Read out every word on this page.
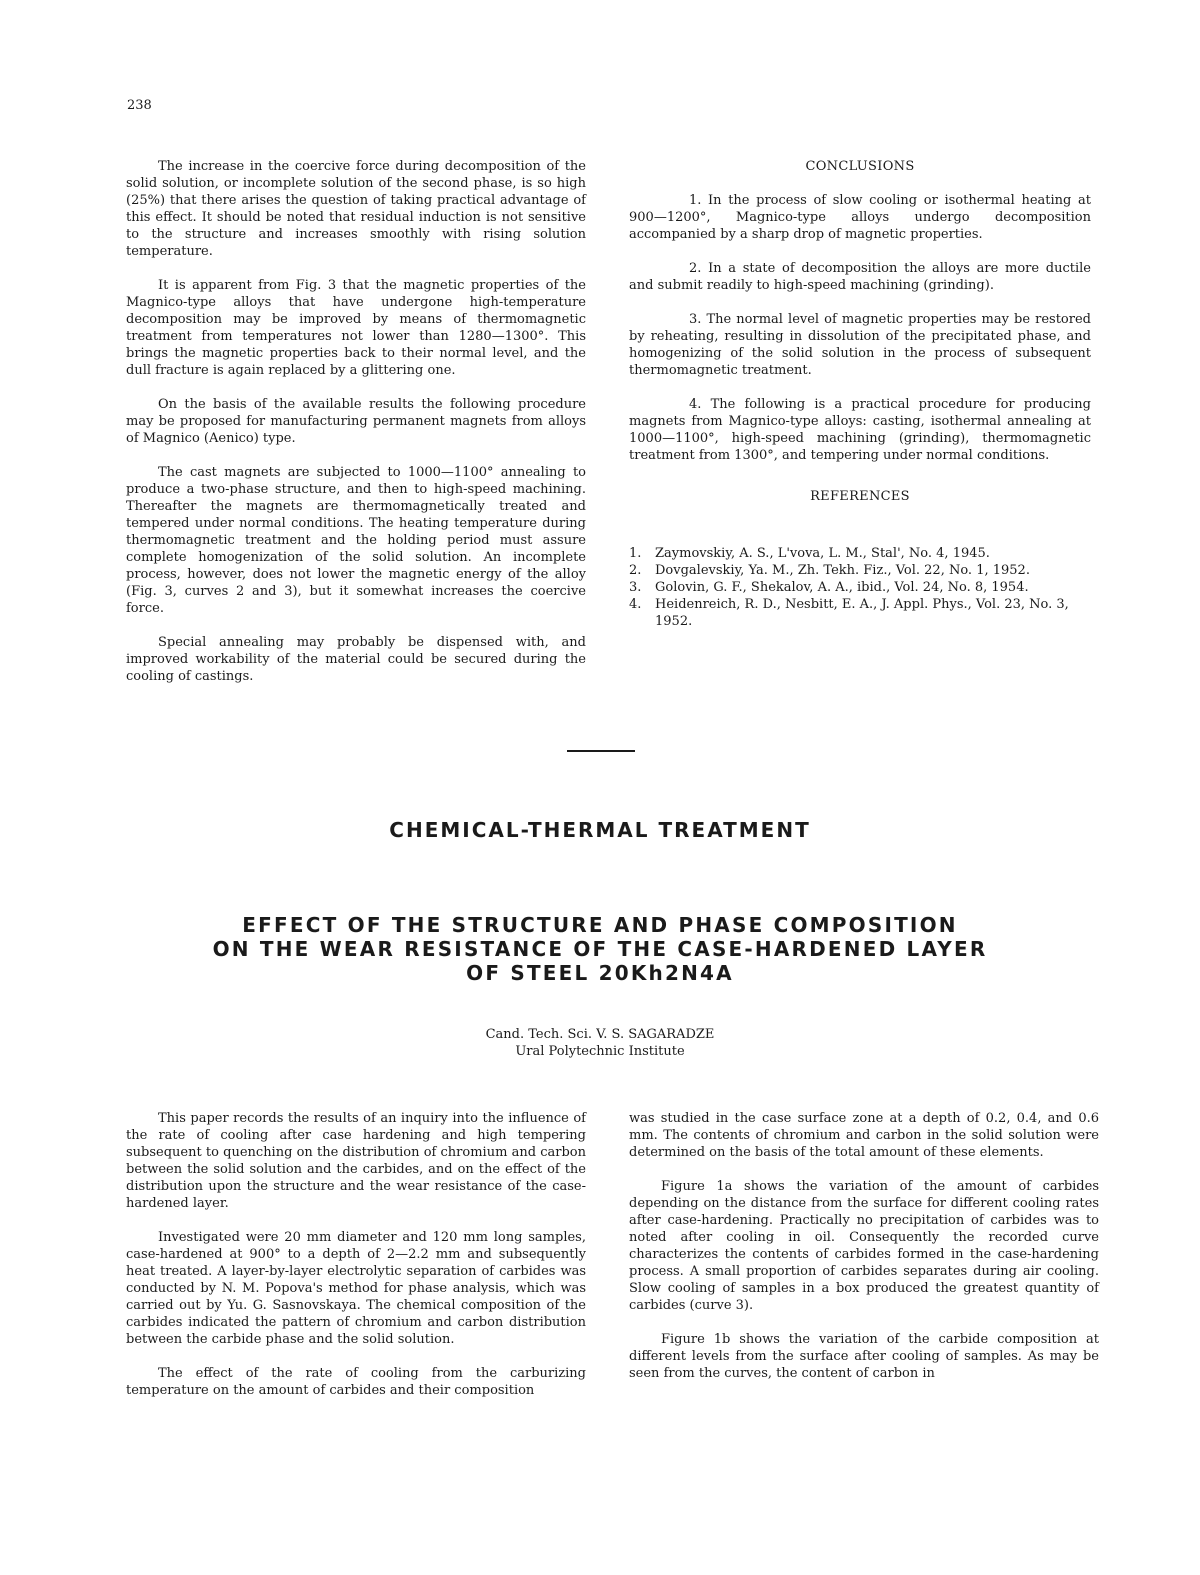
238

The increase in the coercive force during decomposition of the solid solution, or incomplete solution of the second phase, is so high (25%) that there arises the question of taking practical advantage of this effect. It should be noted that residual induction is not sensitive to the structure and increases smoothly with rising solution temperature.

It is apparent from Fig. 3 that the magnetic properties of the Magnico-type alloys that have undergone high-temperature decomposition may be improved by means of thermomagnetic treatment from temperatures not lower than 1280—1300°. This brings the magnetic properties back to their normal level, and the dull fracture is again replaced by a glittering one.

On the basis of the available results the following procedure may be proposed for manufacturing permanent magnets from alloys of Magnico (Aenico) type.

The cast magnets are subjected to 1000—1100° annealing to produce a two-phase structure, and then to high-speed machining. Thereafter the magnets are thermomagnetically treated and tempered under normal conditions. The heating temperature during thermomagnetic treatment and the holding period must assure complete homogenization of the solid solution. An incomplete process, however, does not lower the magnetic energy of the alloy (Fig. 3, curves 2 and 3), but it somewhat increases the coercive force.

Special annealing may probably be dispensed with, and improved workability of the material could be secured during the cooling of castings.

CONCLUSIONS

1. In the process of slow cooling or isothermal heating at 900—1200°, Magnico-type alloys undergo decomposition accompanied by a sharp drop of magnetic properties.

2. In a state of decomposition the alloys are more ductile and submit readily to high-speed machining (grinding).

3. The normal level of magnetic properties may be restored by reheating, resulting in dissolution of the precipitated phase, and homogenizing of the solid solution in the process of subsequent thermomagnetic treatment.

4. The following is a practical procedure for producing magnets from Magnico-type alloys: casting, isothermal annealing at 1000—1100°, high-speed machining (grinding), thermomagnetic treatment from 1300°, and tempering under normal conditions.

REFERENCES
1. Zaymovskiy, A. S., L'vova, L. M., Stal', No. 4, 1945.
2. Dovgalevskiy, Ya. M., Zh. Tekh. Fiz., Vol. 22, No. 1, 1952.
3. Golovin, G. F., Shekalov, A. A., ibid., Vol. 24, No. 8, 1954.
4. Heidenreich, R. D., Nesbitt, E. A., J. Appl. Phys., Vol. 23, No. 3, 1952.
CHEMICAL-THERMAL TREATMENT
EFFECT OF THE STRUCTURE AND PHASE COMPOSITION
ON THE WEAR RESISTANCE OF THE CASE-HARDENED LAYER
OF STEEL 20Kh2N4A
Cand. Tech. Sci. V. S. SAGARADZE
Ural Polytechnic Institute

This paper records the results of an inquiry into the influence of the rate of cooling after case hardening and high tempering subsequent to quenching on the distribution of chromium and carbon between the solid solution and the carbides, and on the effect of the distribution upon the structure and the wear resistance of the case-hardened layer.

Investigated were 20 mm diameter and 120 mm long samples, case-hardened at 900° to a depth of 2—2.2 mm and subsequently heat treated. A layer-by-layer electrolytic separation of carbides was conducted by N. M. Popova's method for phase analysis, which was carried out by Yu. G. Sasnovskaya. The chemical composition of the carbides indicated the pattern of chromium and carbon distribution between the carbide phase and the solid solution.

The effect of the rate of cooling from the carburizing temperature on the amount of carbides and their composition

was studied in the case surface zone at a depth of 0.2, 0.4, and 0.6 mm. The contents of chromium and carbon in the solid solution were determined on the basis of the total amount of these elements.

Figure 1a shows the variation of the amount of carbides depending on the distance from the surface for different cooling rates after case-hardening. Practically no precipitation of carbides was to noted after cooling in oil. Consequently the recorded curve characterizes the contents of carbides formed in the case-hardening process. A small proportion of carbides separates during air cooling. Slow cooling of samples in a box produced the greatest quantity of carbides (curve 3).

Figure 1b shows the variation of the carbide composition at different levels from the surface after cooling of samples. As may be seen from the curves, the content of carbon in
